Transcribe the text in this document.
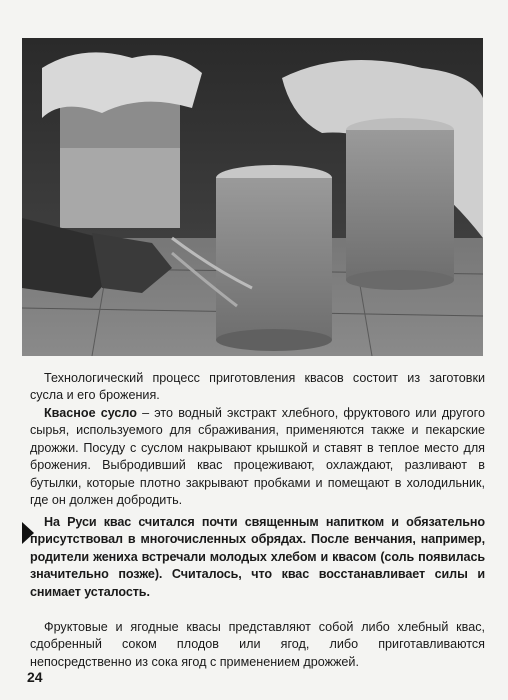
Технологический процесс приготовления квасов состоит из заготовки сусла и его брожения.
Квасное сусло – это водный экстракт хлебного, фруктового или другого сырья, используемого для сбраживания, применяются также и пекарские дрожжи. Посуду с суслом накрывают крышкой и ставят в теплое место для брожения. Выбродивший квас процеживают, охлаждают, разливают в бутылки, которые плотно закрывают пробками и помещают в холодильник, где он должен добродить.
На Руси квас считался почти священным напитком и обязательно присутствовал в многочисленных обрядах. После венчания, например, родители жениха встречали молодых хлебом и квасом (соль появилась значительно позже). Считалось, что квас восстанавливает силы и снимает усталость.
Фруктовые и ягодные квасы представляют собой либо хлебный квас, сдобренный соком плодов или ягод, либо приготавливаются непосредственно из сока ягод с применением дрожжей.
24
